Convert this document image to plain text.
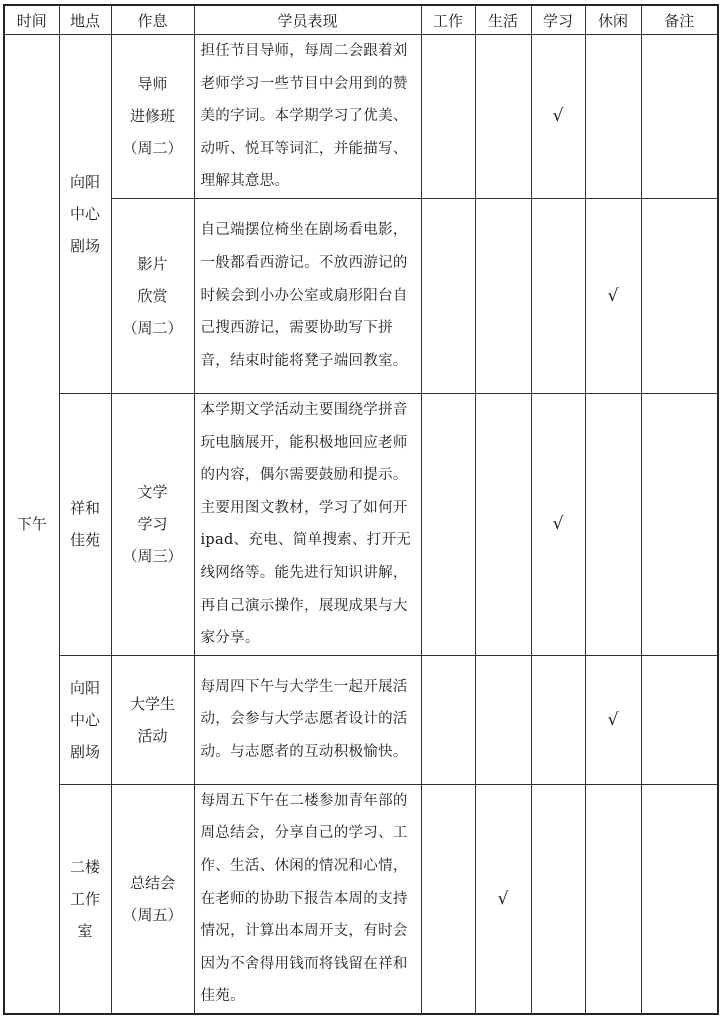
时间	地点	作息	学员表现	工作	生活	学习	休闲	备注
下午	向阳
中心
剧场	导师
进修班
（周二）	担任节目导师，每周二会跟着刘老师学习一些节目中会用到的赞美的字词。本学期学习了优美、动听、悦耳等词汇，并能描写、理解其意思。			√		

		影片
欣赏
（周二）	自己端摆位椅坐在剧场看电影，一般都看西游记。不放西游记的时候会到小办公室或扇形阳台自己搜西游记，需要协助写下拼音，结束时能将凳子端回教室。				√	

	祥和
佳苑	文学
学习
（周三）	本学期文学活动主要围绕学拼音玩电脑展开，能积极地回应老师的内容，偶尔需要鼓励和提示。主要用图文教材，学习了如何开ipad、充电、简单搜索、打开无线网络等。能先进行知识讲解，再自己演示操作，展现成果与大家分享。			√		

	向阳
中心
剧场	大学生
活动	每周四下午与大学生一起开展活动，会参与大学志愿者设计的活动。与志愿者的互动积极愉快。				√	

	二楼
工作
室	总结会
（周五）	每周五下午在二楼参加青年部的周总结会，分享自己的学习、工作、生活、休闲的情况和心情，在老师的协助下报告本周的支持情况，计算出本周开支，有时会因为不舍得用钱而将钱留在祥和佳苑。		√			
